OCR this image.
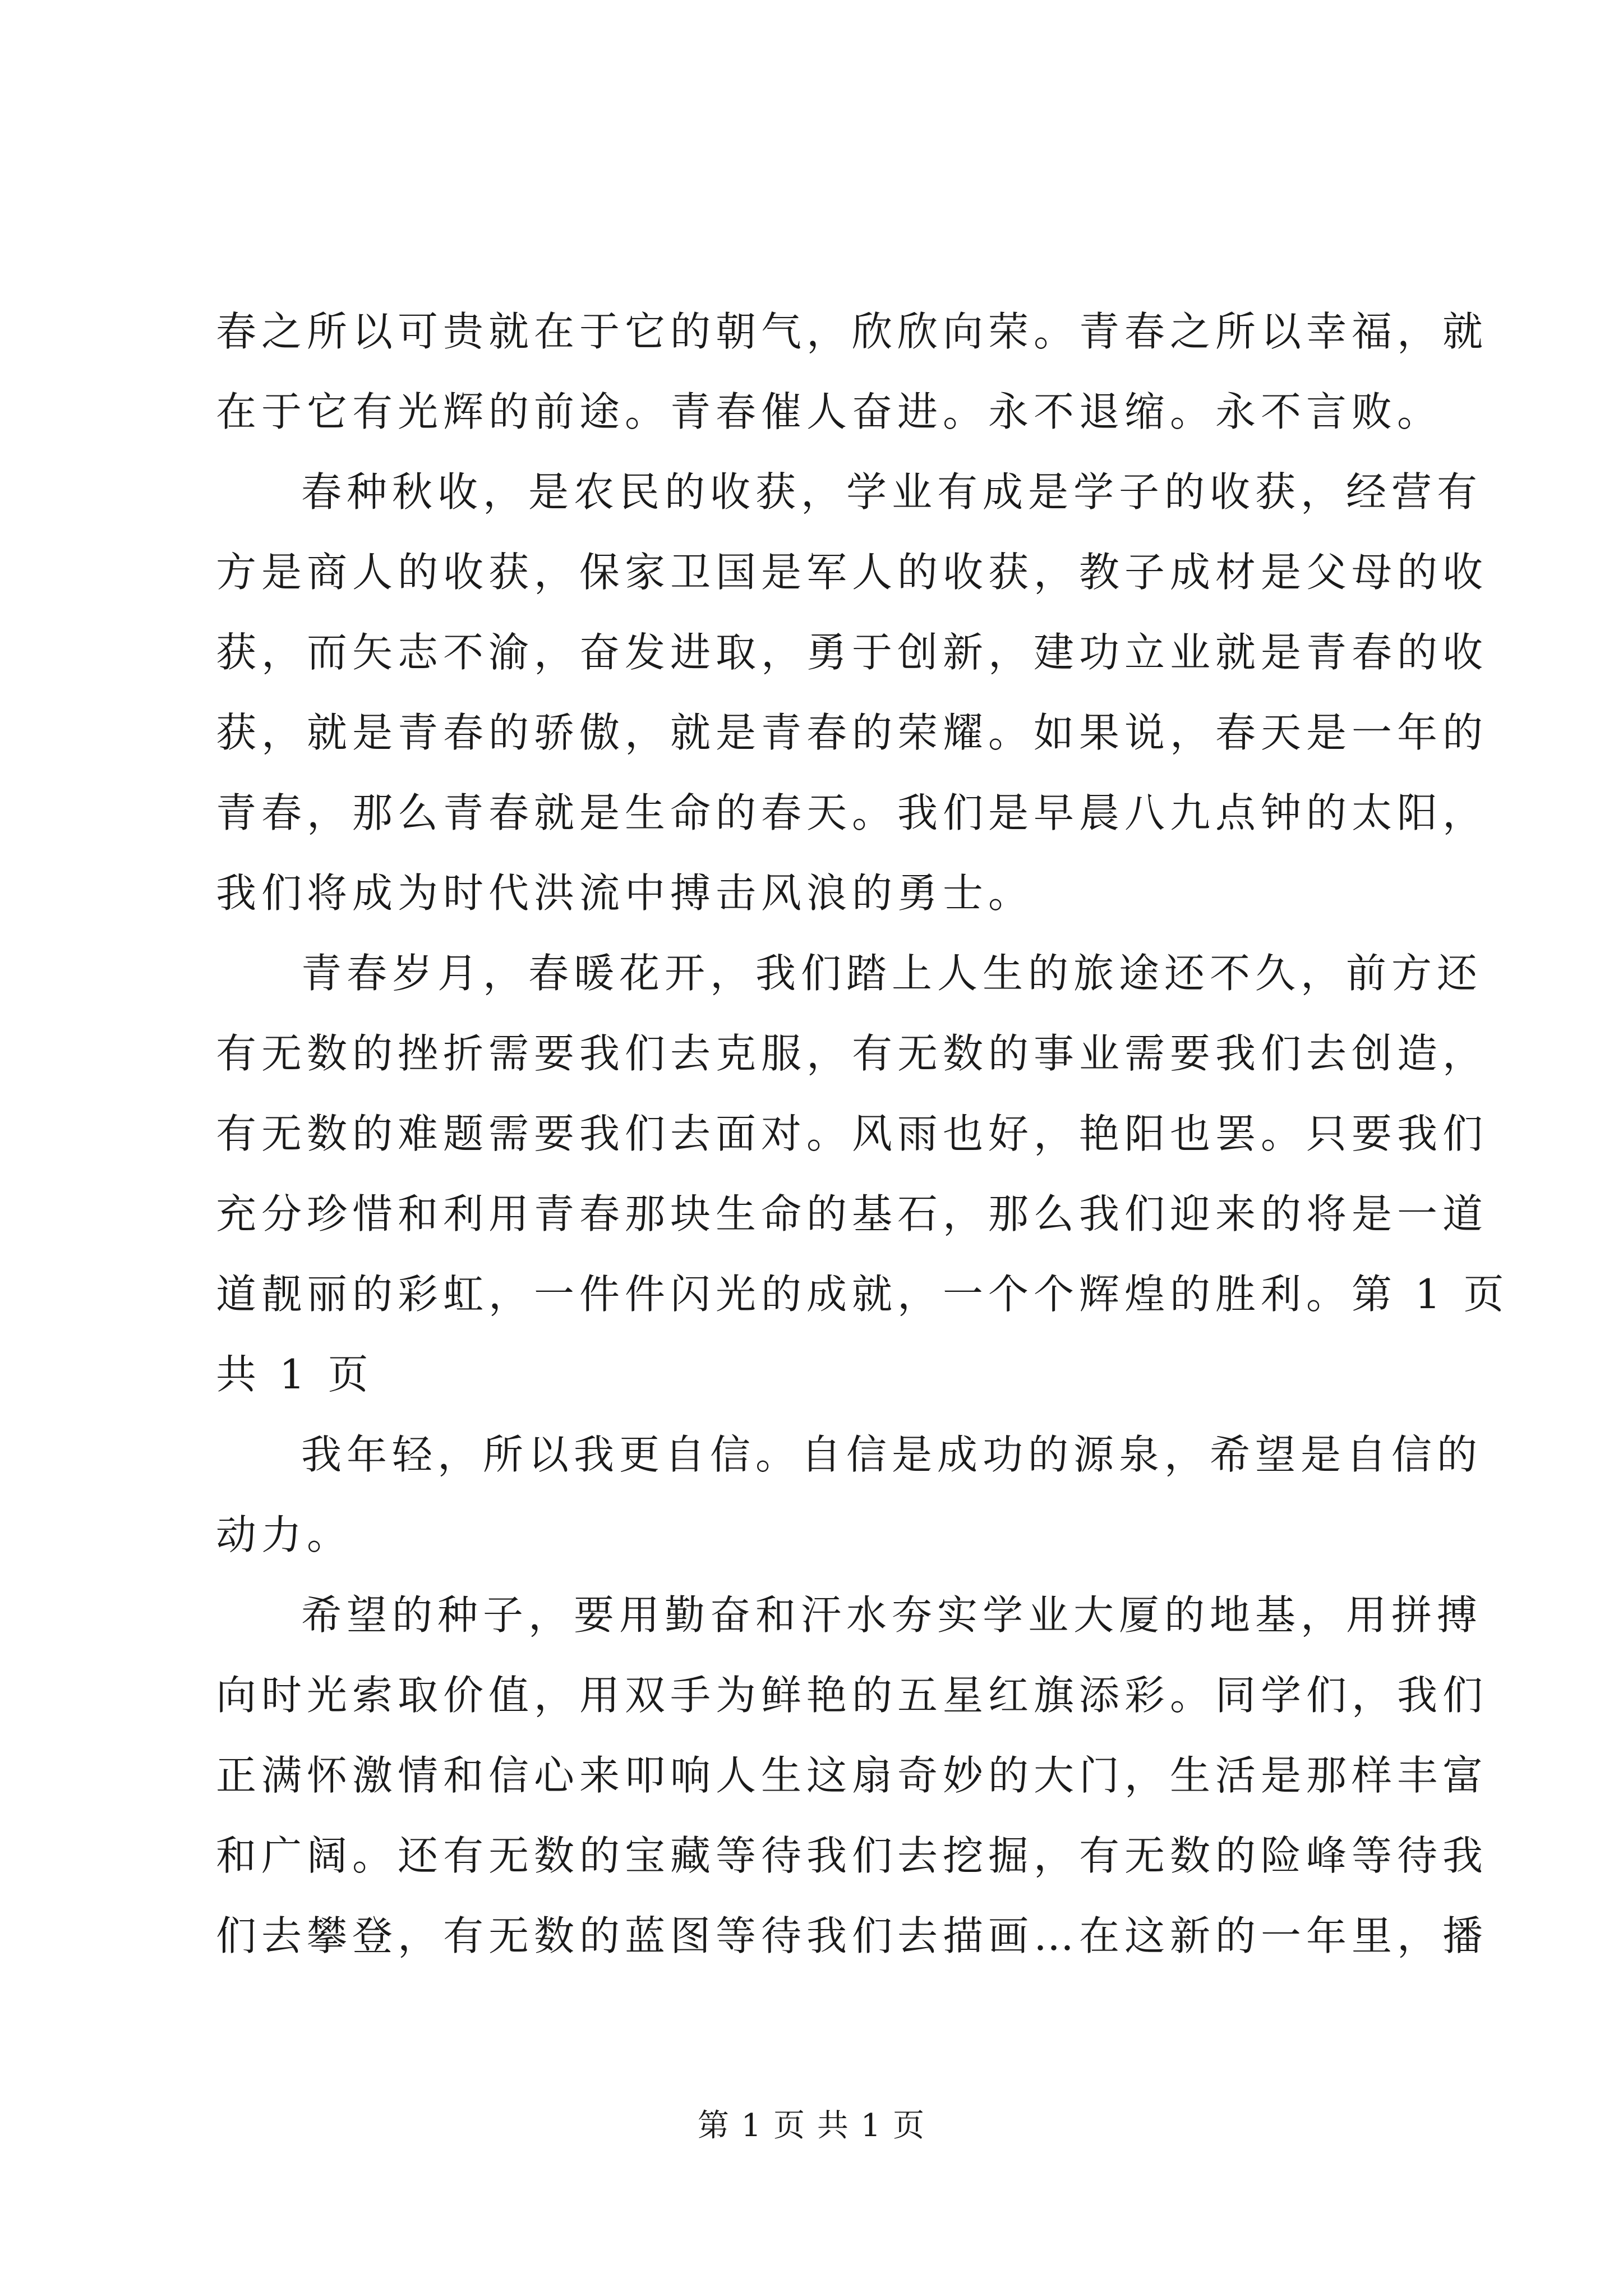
春之所以可贵就在于它的朝气，欣欣向荣。青春之所以幸福，就
在于它有光辉的前途。青春催人奋进。永不退缩。永不言败。
春种秋收，是农民的收获，学业有成是学子的收获，经营有
方是商人的收获，保家卫国是军人的收获，教子成材是父母的收
获，而矢志不渝，奋发进取，勇于创新，建功立业就是青春的收
获，就是青春的骄傲，就是青春的荣耀。如果说，春天是一年的
青春，那么青春就是生命的春天。我们是早晨八九点钟的太阳，
我们将成为时代洪流中搏击风浪的勇士。
青春岁月，春暖花开，我们踏上人生的旅途还不久，前方还
有无数的挫折需要我们去克服，有无数的事业需要我们去创造，
有无数的难题需要我们去面对。风雨也好，艳阳也罢。只要我们
充分珍惜和利用青春那块生命的基石，那么我们迎来的将是一道
道靓丽的彩虹，一件件闪光的成就，一个个辉煌的胜利。第 1 页
共 1 页
我年轻，所以我更自信。自信是成功的源泉，希望是自信的
动力。
希望的种子，要用勤奋和汗水夯实学业大厦的地基，用拼搏
向时光索取价值，用双手为鲜艳的五星红旗添彩。同学们，我们
正满怀激情和信心来叩响人生这扇奇妙的大门，生活是那样丰富
和广阔。还有无数的宝藏等待我们去挖掘，有无数的险峰等待我
们去攀登，有无数的蓝图等待我们去描画…在这新的一年里，播
第 1 页 共 1 页
